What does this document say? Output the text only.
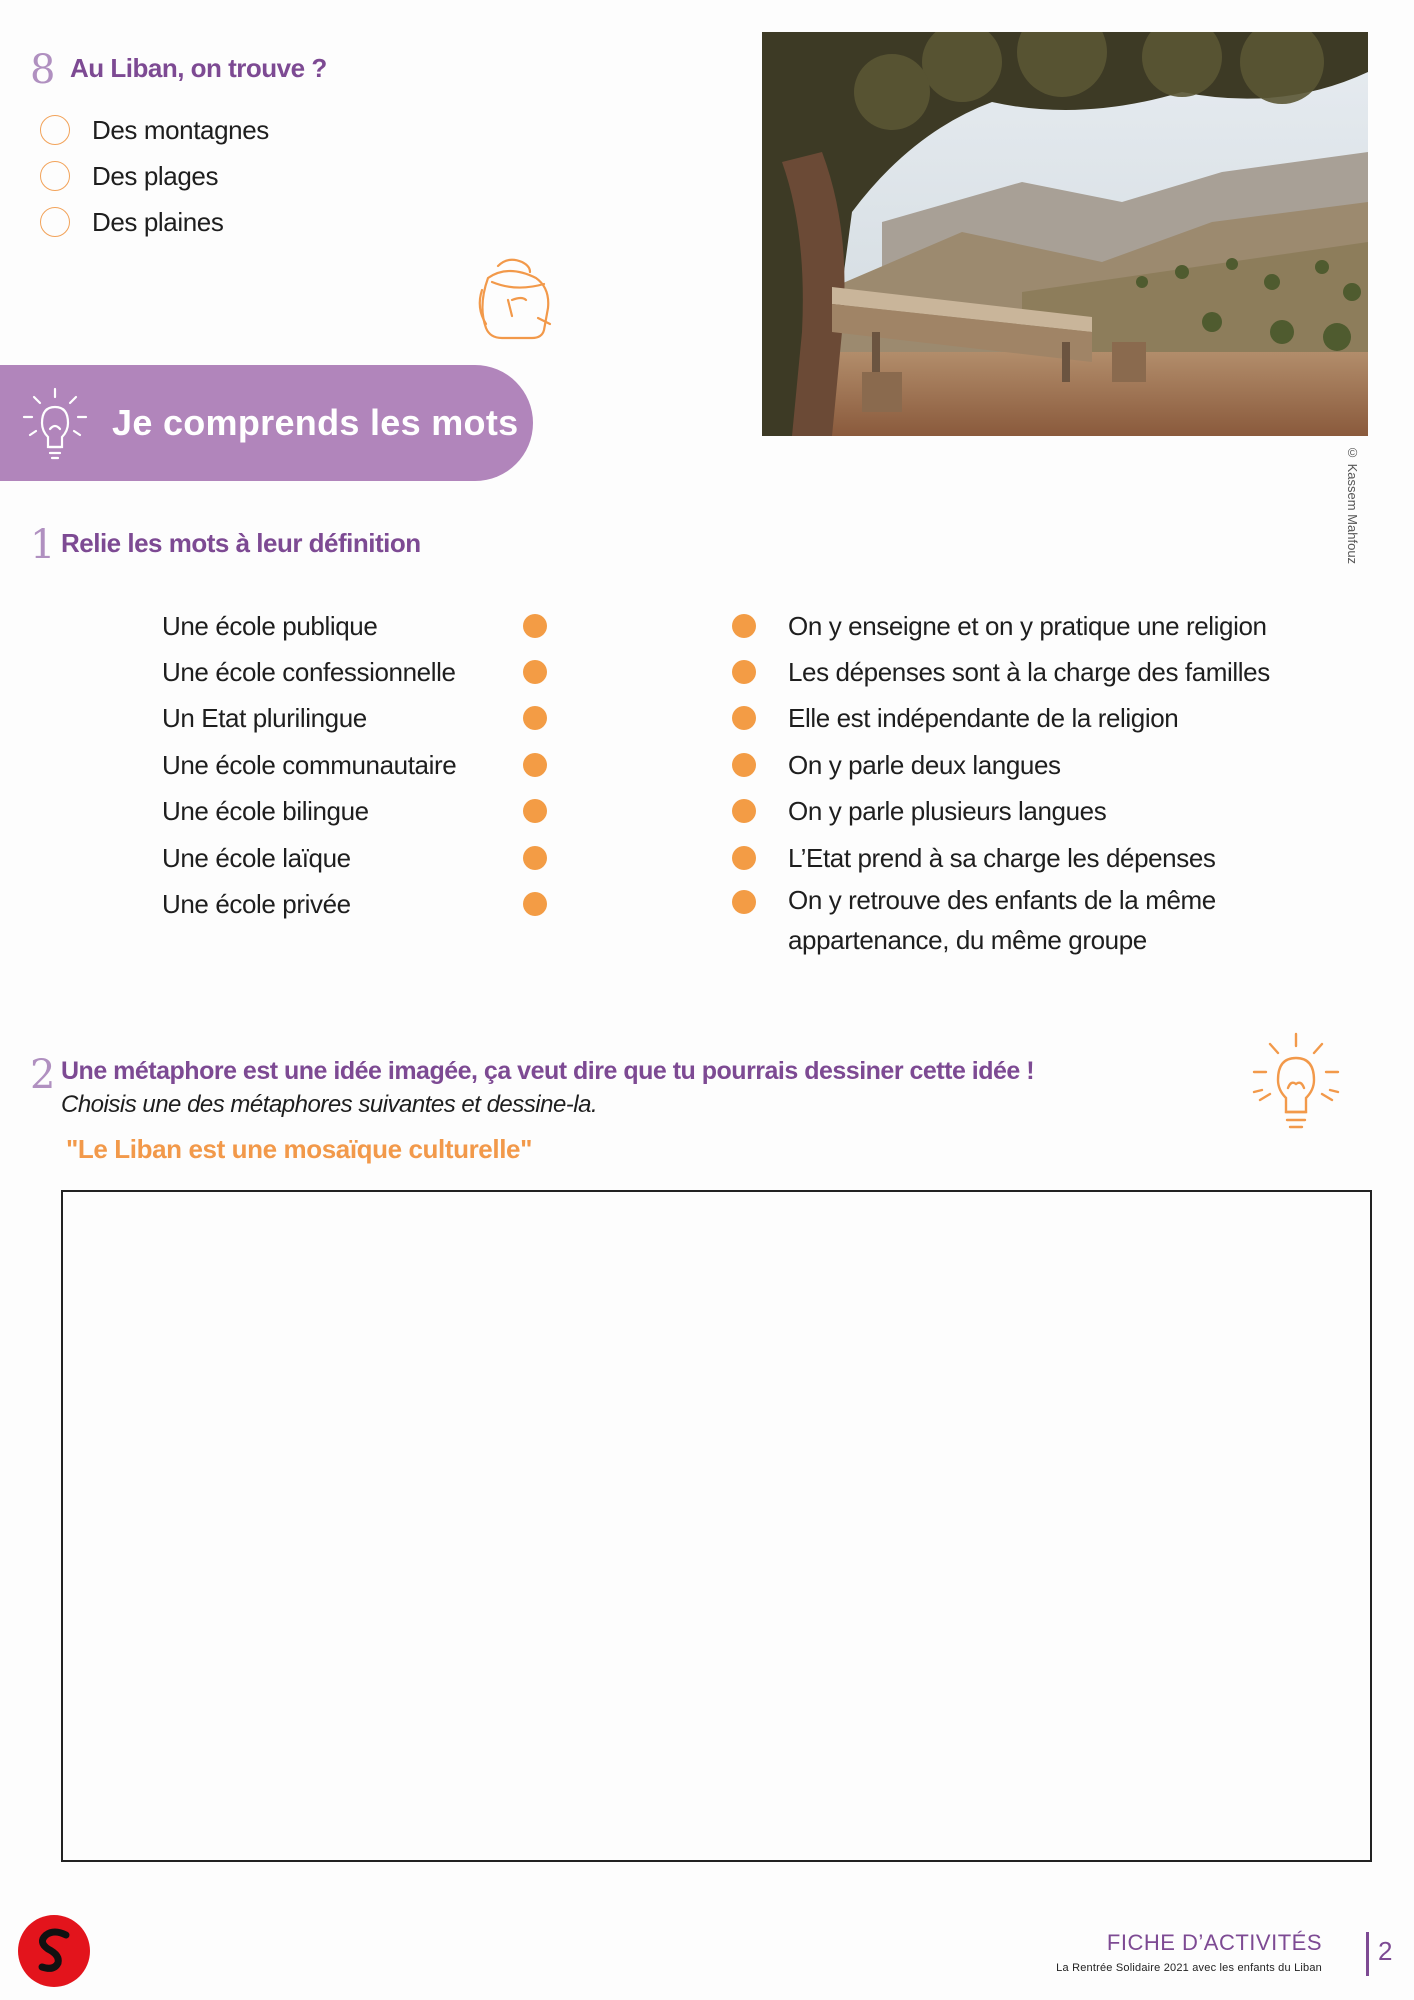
8 Au Liban, on trouve ?
Des montagnes
Des plages
Des plaines
© Kassem Mahfouz
Je comprends les mots
1 Relie les mots à leur définition
Une école publique
Une école confessionnelle
Un Etat plurilingue
Une école communautaire
Une école bilingue
Une école laïque
Une école privée
On y enseigne et on y pratique une religion
Les dépenses sont à la charge des familles
Elle est indépendante de la religion
On y parle deux langues
On y parle plusieurs langues
L’Etat prend à sa charge les dépenses
On y retrouve des enfants de la même appartenance, du même groupe
2 Une métaphore est une idée imagée, ça veut dire que tu pourrais dessiner cette idée !
Choisis une des métaphores suivantes et dessine-la.
"Le Liban est une mosaïque culturelle"
FICHE D’ACTIVITÉS
La Rentrée Solidaire 2021 avec les enfants du Liban
2
